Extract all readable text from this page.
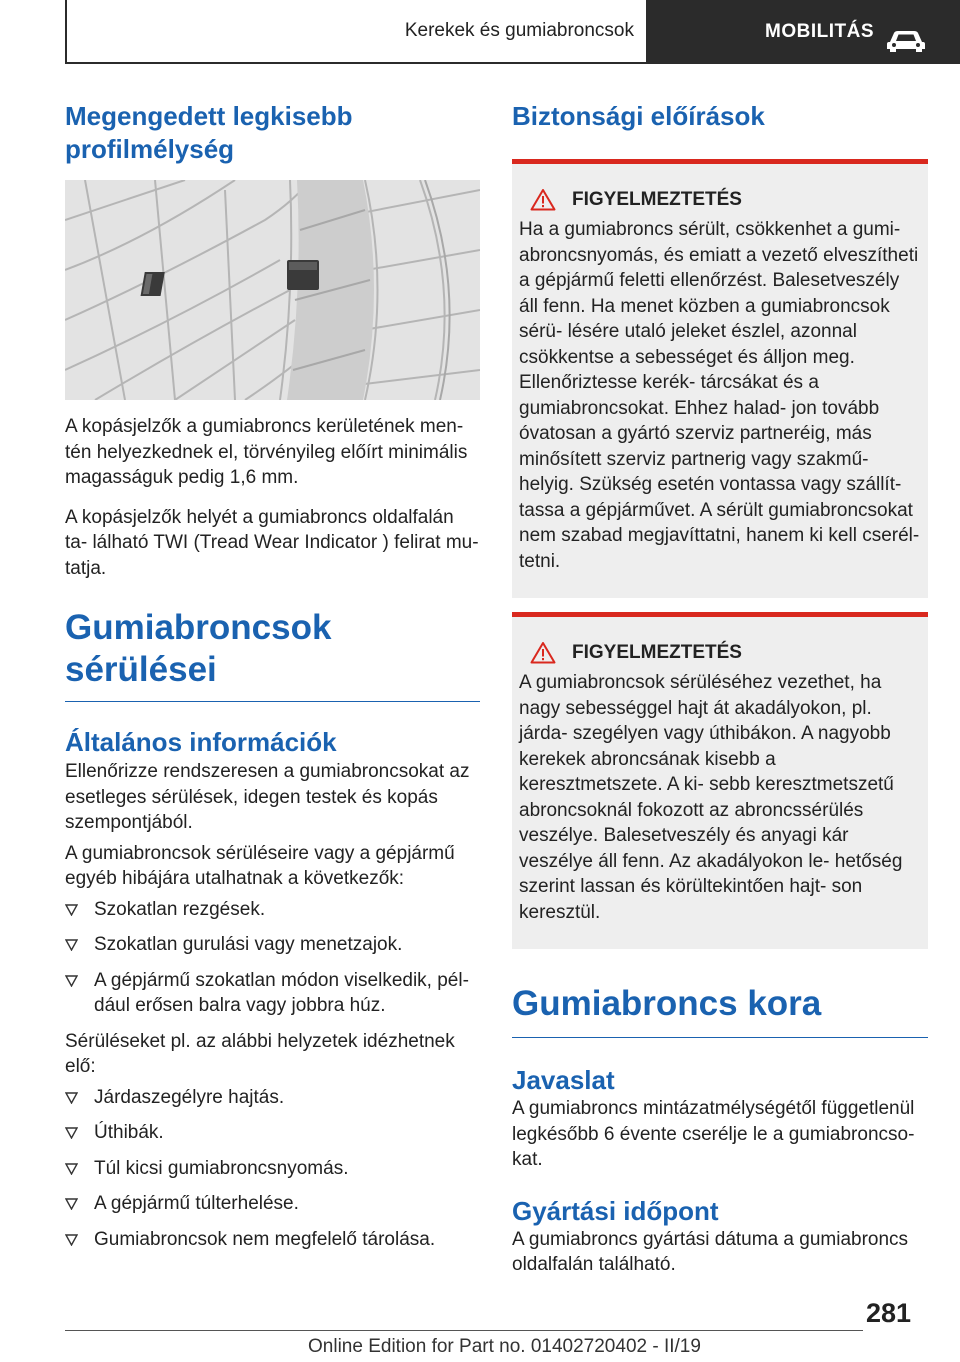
Kerekek és gumiabroncsok	MOBILITÁS
Megengedett legkisebb profilmélység

A kopásjelzők a gumiabroncs kerületének men‐ tén helyezkednek el, törvényileg előírt minimális magasságuk pedig 1,6 mm.

A kopásjelzők helyét a gumiabroncs oldalfalán ta‐ lálható TWI (Tread Wear Indicator ) felirat mu‐ tatja.

Gumiabroncsok sérülései
Általános információk

Ellenőrizze rendszeresen a gumiabroncsokat az esetleges sérülések, idegen testek és kopás szempontjából.

A gumiabroncsok sérüléseire vagy a gépjármű egyéb hibájára utalhatnak a következők:

Szokatlan rezgések.
Szokatlan gurulási vagy menetzajok.
A gépjármű szokatlan módon viselkedik, pél‐ dául erősen balra vagy jobbra húz.

Sérüléseket pl. az alábbi helyzetek idézhetnek elő:

Járdaszegélyre hajtás.
Úthibák.
Túl kicsi gumiabroncsnyomás.
A gépjármű túlterhelése.
Gumiabroncsok nem megfelelő tárolása.
Biztonsági előírások
FIGYELMEZTETÉS

Ha a gumiabroncs sérült, csökkenhet a gumi‐ abroncsnyomás, és emiatt a vezető elveszítheti a gépjármű feletti ellenőrzést. Balesetveszély áll fenn. Ha menet közben a gumiabroncsok sérü‐ lésére utaló jeleket észlel, azonnal csökkentse a sebességet és álljon meg. Ellenőriztesse kerék‐ tárcsákat és a gumiabroncsokat. Ehhez halad‐ jon tovább óvatosan a gyártó szerviz partneréig, más minősített szerviz partnerig vagy szakmű‐ helyig. Szükség esetén vontassa vagy szállít‐ tassa a gépjárművet. A sérült gumiabroncsokat nem szabad megjavíttatni, hanem ki kell cserél‐ tetni.

FIGYELMEZTETÉS

A gumiabroncsok sérüléséhez vezethet, ha nagy sebességgel hajt át akadályokon, pl. járda‐ szegélyen vagy úthibákon. A nagyobb kerekek abroncsának kisebb a keresztmetszete. A ki‐ sebb keresztmetszetű abroncsoknál fokozott az abroncssérülés veszélye. Balesetveszély és anyagi kár veszélye áll fenn. Az akadályokon le‐ hetőség szerint lassan és körültekintően hajt‐ son keresztül.

Gumiabroncs kora
Javaslat

A gumiabroncs mintázatmélységétől függetlenül legkésőbb 6 évente cserélje le a gumiabroncso‐ kat.

Gyártási időpont

A gumiabroncs gyártási dátuma a gumiabroncs oldalfalán található.

281
Online Edition for Part no. 01402720402 - II/19
